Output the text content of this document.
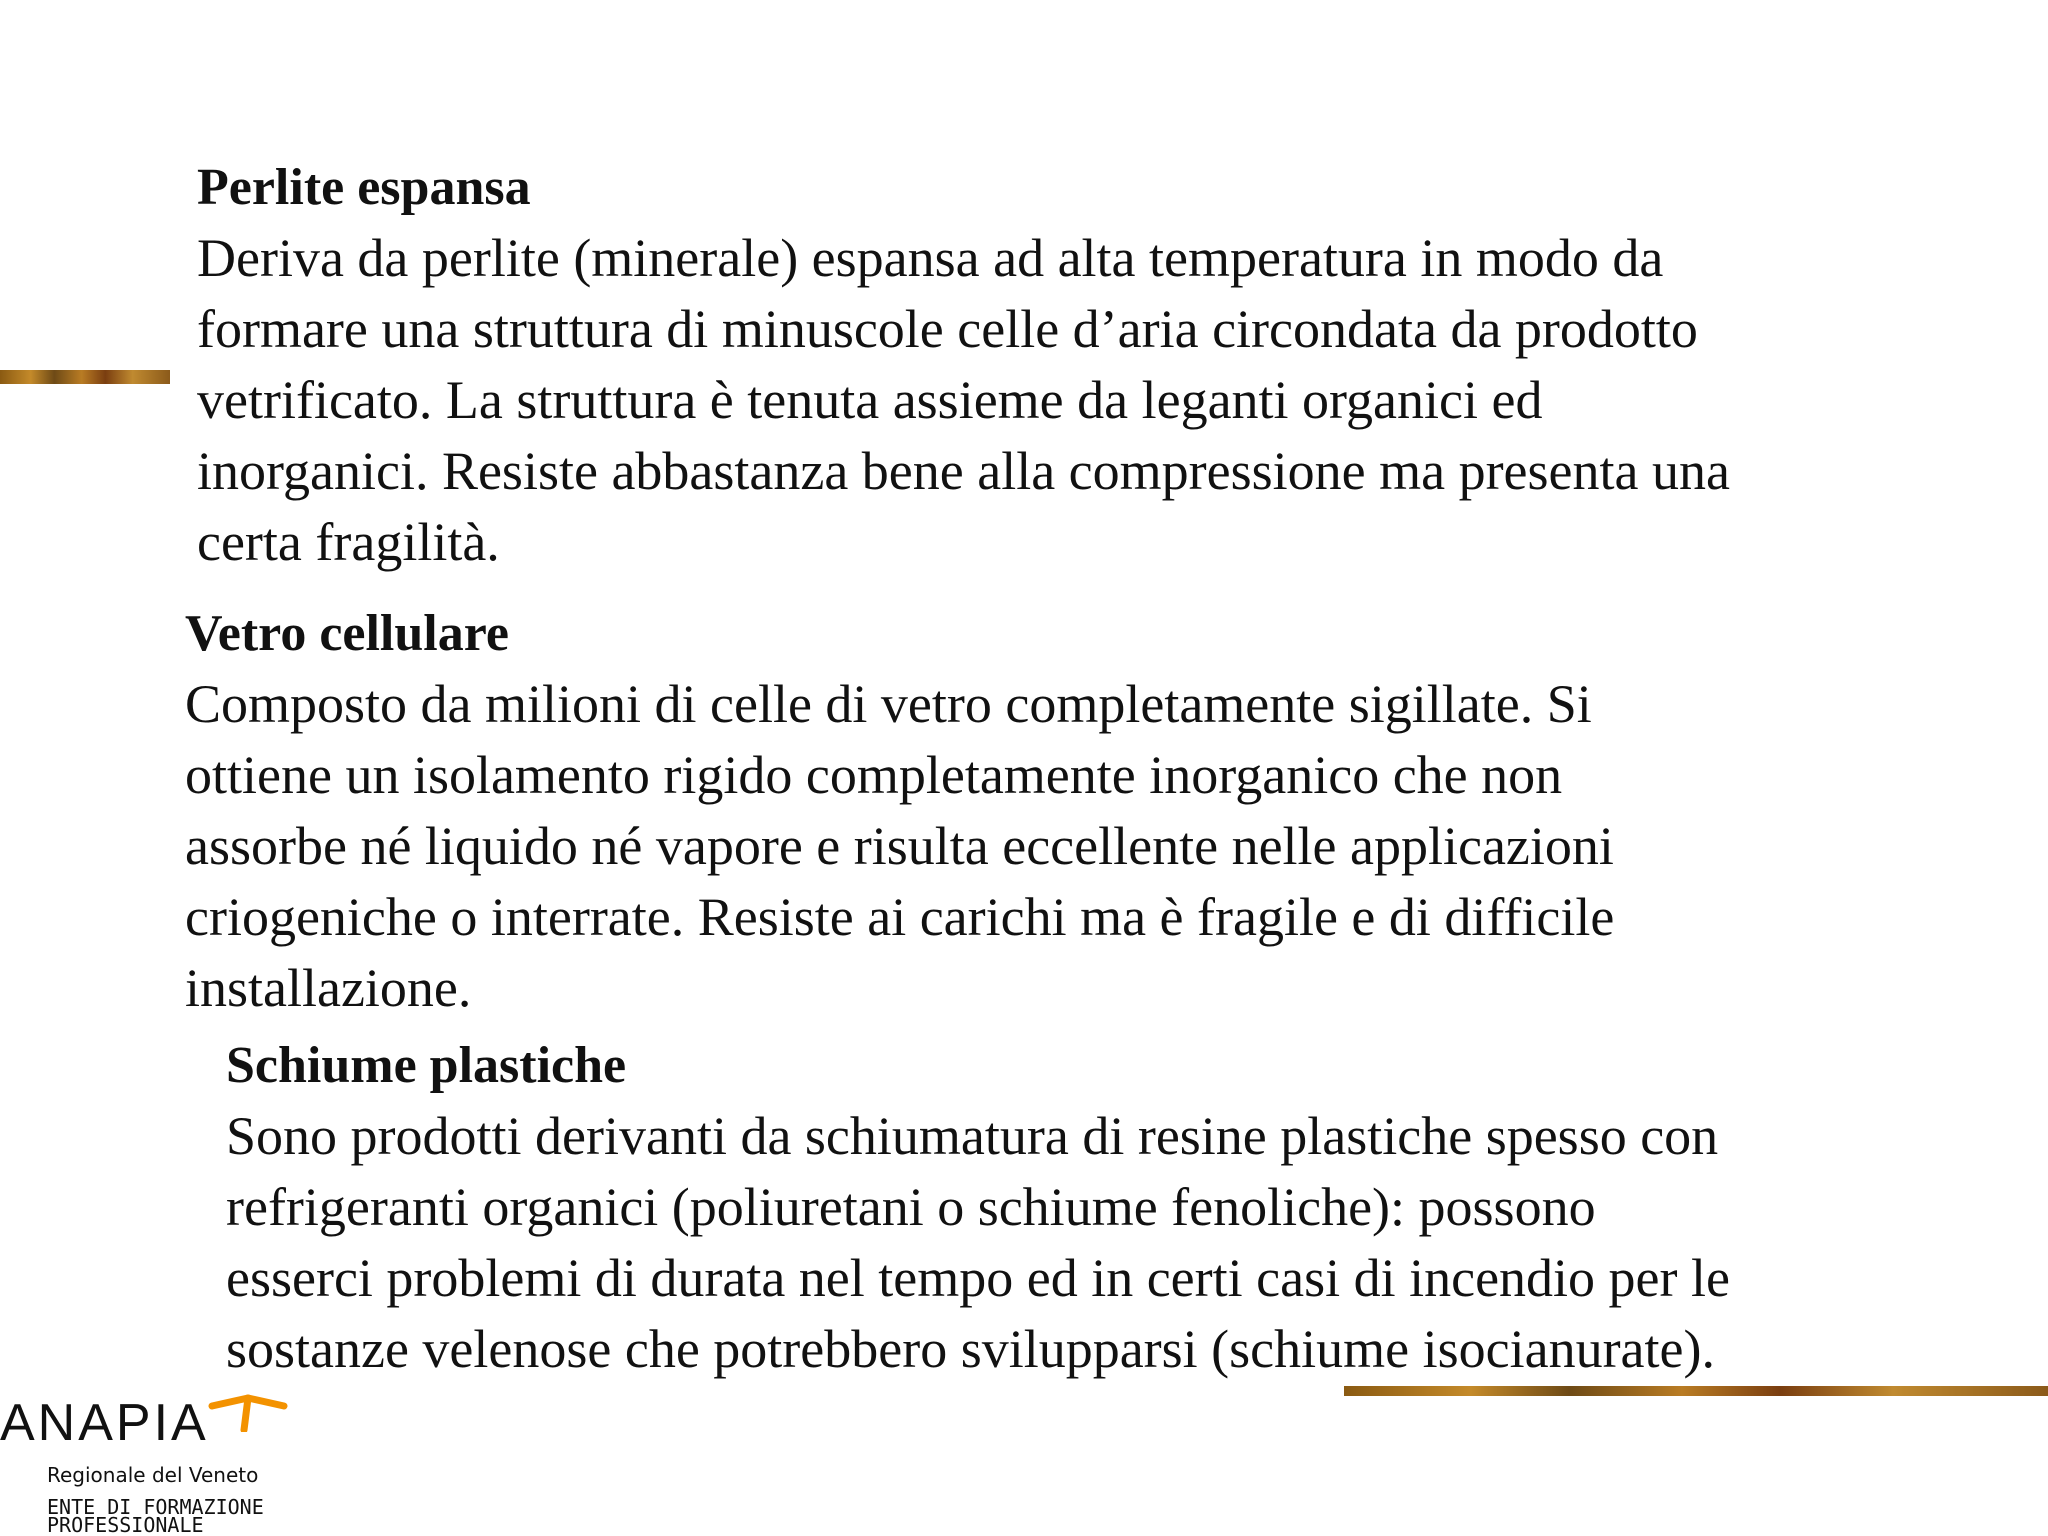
Perlite espansa
Deriva da perlite (minerale) espansa ad alta temperatura in modo da
formare una struttura di minuscole celle d’aria circondata da prodotto
vetrificato. La struttura è tenuta assieme da leganti organici ed
inorganici. Resiste abbastanza bene alla compressione ma presenta una
certa fragilità.
Vetro cellulare
Composto da milioni di celle di vetro completamente sigillate. Si
ottiene un isolamento rigido completamente inorganico che non
assorbe né liquido né vapore e risulta eccellente nelle applicazioni
criogeniche o interrate. Resiste ai carichi ma è fragile e di difficile
installazione.
Schiume plastiche
Sono prodotti derivanti da schiumatura di resine plastiche spesso con
refrigeranti organici (poliuretani o schiume fenoliche): possono
esserci problemi di durata nel tempo ed in certi casi di incendio per le
sostanze velenose che potrebbero svilupparsi (schiume isocianurate).
ANAPIA
Regionale del Veneto
ENTE DI FORMAZIONE
PROFESSIONALE
